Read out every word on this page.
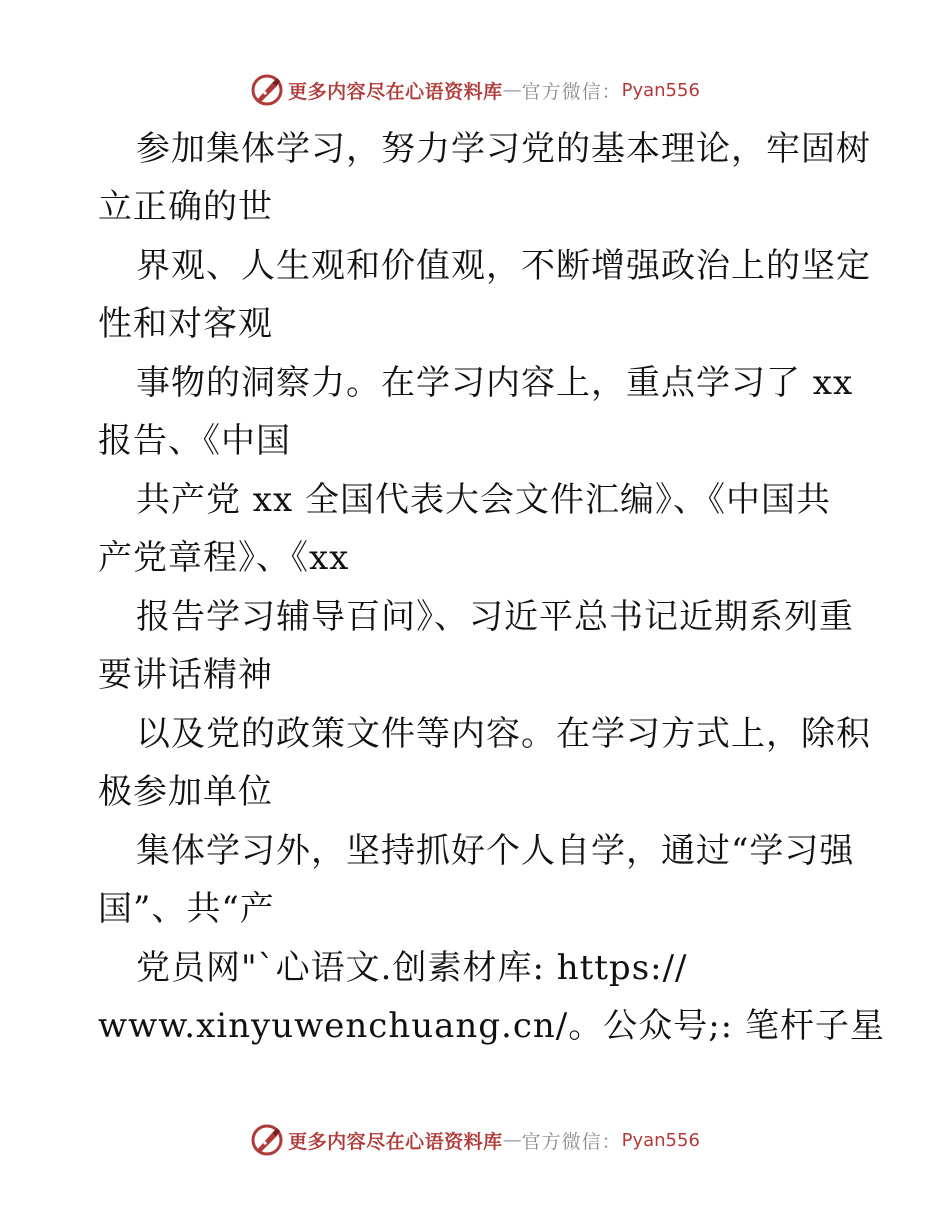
更多内容尽在心语资料库 — 官方微信： Pyan556
参加集体学习，努力学习党的基本理论，牢固树
立正确的世
界观、人生观和价值观，不断增强政治上的坚定
性和对客观
事物的洞察力。在学习内容上，重点学习了 xx
报告、《中国
共产党 xx 全国代表大会文件汇编》、《中国共
产党章程》、《xx
报告学习辅导百问》、习近平总书记近期系列重
要讲话精神
以及党的政策文件等内容。在学习方式上，除积
极参加单位
集体学习外，坚持抓好个人自学，通过“学习强
国”、共“产
党员网"`心语文.创素材库: https://
www.xinyuwenchuang.cn/。公众号;: 笔杆子星
更多内容尽在心语资料库 — 官方微信： Pyan556
